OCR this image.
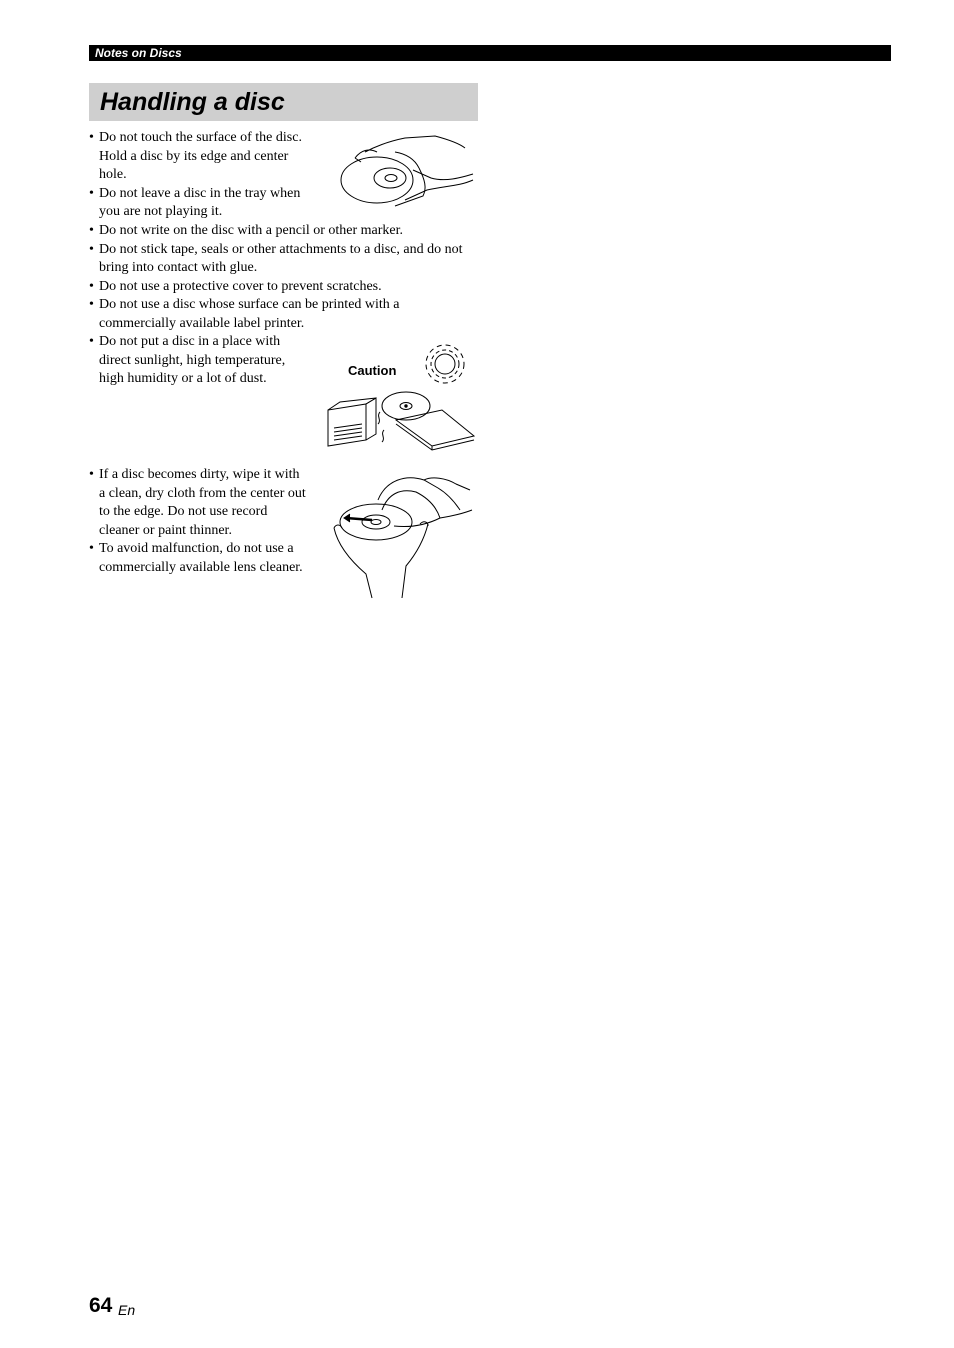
Notes on Discs
Handling a disc
• Do not touch the surface of the disc. Hold a disc by its edge and center hole.
• Do not leave a disc in the tray when you are not playing it.
• Do not write on the disc with a pencil or other marker.
• Do not stick tape, seals or other attachments to a disc, and do not bring into contact with glue.
• Do not use a protective cover to prevent scratches.
• Do not use a disc whose surface can be printed with a commercially available label printer.
• Do not put a disc in a place with direct sunlight, high temperature, high humidity or a lot of dust.
• If a disc becomes dirty, wipe it with a clean, dry cloth from the center out to the edge. Do not use record cleaner or paint thinner.
• To avoid malfunction, do not use a commercially available lens cleaner.
Caution
64 En
